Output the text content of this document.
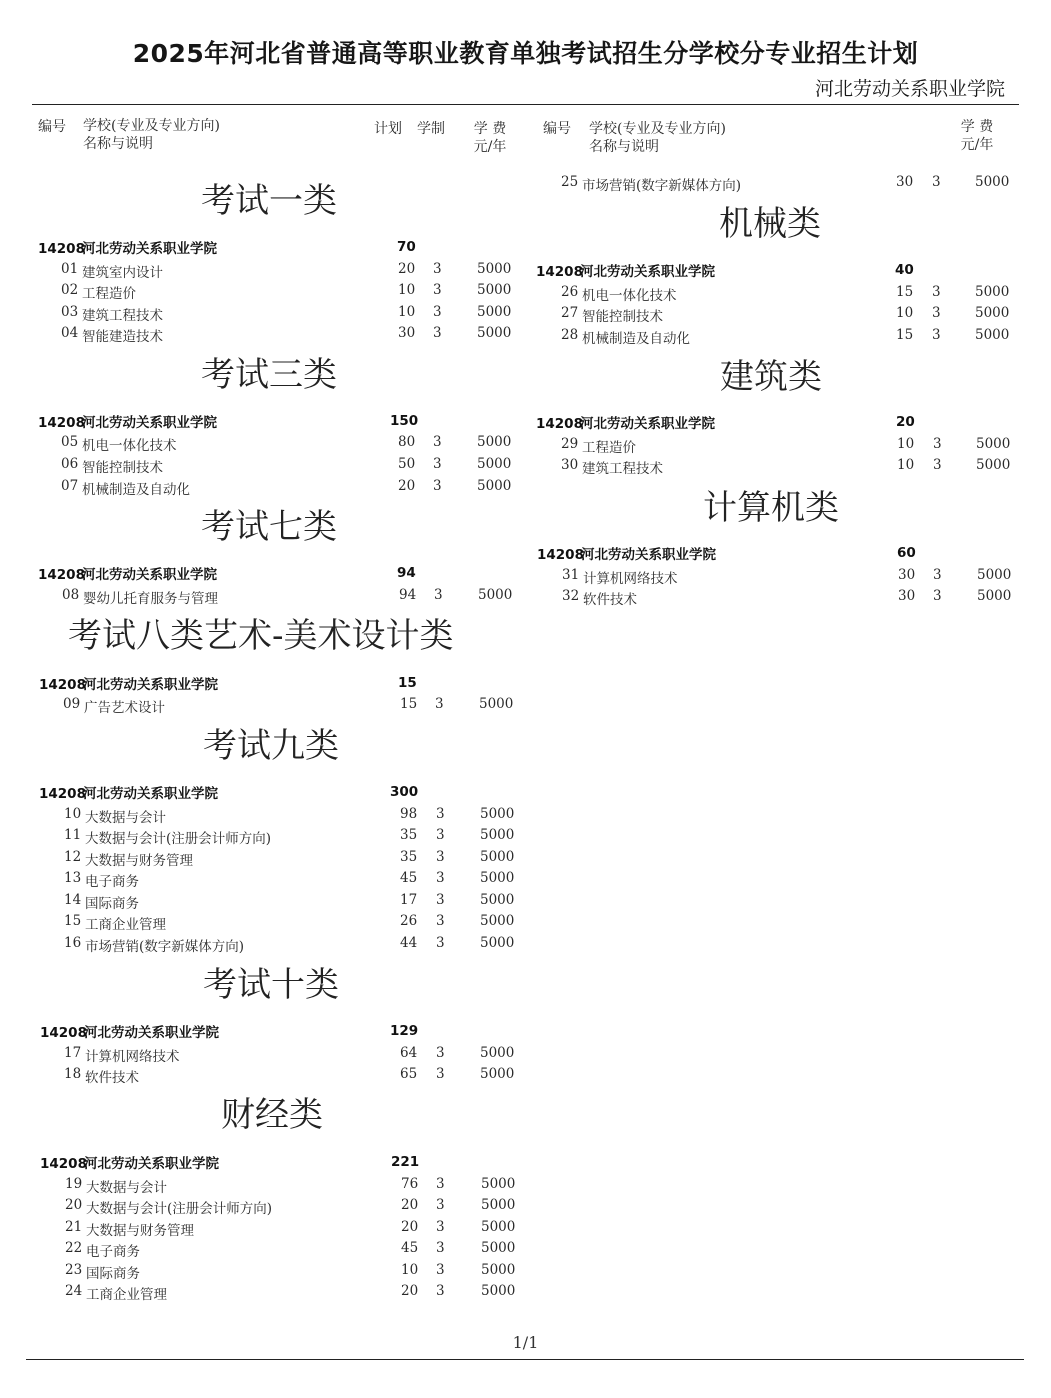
2025年河北省普通高等职业教育单独考试招生分学校分专业招生计划
河北劳动关系职业学院
编号 学校(专业及专业方向)
名称与说明
计划 学制	学 费
元/年
编号 学校(专业及专业方向)
名称与说明
学 费
元/年
考试一类
14208河北劳动关系职业学院	70
01 建筑室内设计	20 3	5000
02 工程造价	10 3	5000
03 建筑工程技术	10 3	5000
04 智能建造技术	30 3	5000
考试三类
14208河北劳动关系职业学院	150
05 机电一体化技术	80 3	5000
06 智能控制技术	50 3	5000
07 机械制造及自动化	20 3	5000
考试七类
14208河北劳动关系职业学院	94
08 婴幼儿托育服务与管理	94 3	5000
考试八类艺术-美术设计类
14208河北劳动关系职业学院	15
09 广告艺术设计	15 3	5000
考试九类
14208河北劳动关系职业学院	300
10 大数据与会计	98 3	5000
11 大数据与会计(注册会计师方向)	35 3	5000
12 大数据与财务管理	35 3	5000
13 电子商务	45 3	5000
14 国际商务	17 3	5000
15 工商企业管理	26 3	5000
16 市场营销(数字新媒体方向)	44 3	5000
考试十类
14208河北劳动关系职业学院	129
17 计算机网络技术	64 3	5000
18 软件技术	65 3	5000
财经类
14208河北劳动关系职业学院	221
19 大数据与会计	76 3	5000
20 大数据与会计(注册会计师方向)	20 3	5000
21 大数据与财务管理	20 3	5000
22 电子商务	45 3	5000
23 国际商务	10 3	5000
24 工商企业管理	20 3	5000
25 市场营销(数字新媒体方向)	30 3	5000
机械类
14208河北劳动关系职业学院	40
26 机电一体化技术	15 3	5000
27 智能控制技术	10 3	5000
28 机械制造及自动化	15 3	5000
建筑类
14208河北劳动关系职业学院	20
29 工程造价	10 3	5000
30 建筑工程技术	10 3	5000
计算机类
14208河北劳动关系职业学院	60
31 计算机网络技术	30 3	5000
32 软件技术	30 3	5000
1/1
